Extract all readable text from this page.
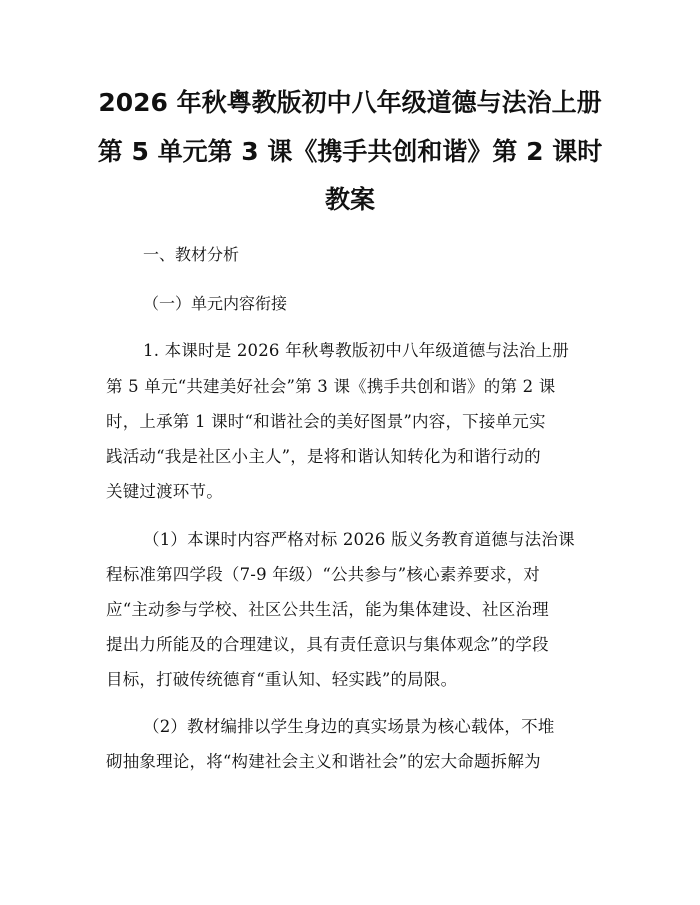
2026 年秋粤教版初中八年级道德与法治上册
第 5 单元第 3 课《携手共创和谐》第 2 课时
教案
一、教材分析
（一）单元内容衔接
1. 本课时是 2026 年秋粤教版初中八年级道德与法治上册
第 5 单元“共建美好社会”第 3 课《携手共创和谐》的第 2 课
时，上承第 1 课时“和谐社会的美好图景”内容，下接单元实
践活动“我是社区小主人”，是将和谐认知转化为和谐行动的
关键过渡环节。
（1）本课时内容严格对标 2026 版义务教育道德与法治课
程标准第四学段（7-9 年级）“公共参与”核心素养要求，对
应“主动参与学校、社区公共生活，能为集体建设、社区治理
提出力所能及的合理建议，具有责任意识与集体观念”的学段
目标，打破传统德育“重认知、轻实践”的局限。
（2）教材编排以学生身边的真实场景为核心载体，不堆
砌抽象理论，将“构建社会主义和谐社会”的宏大命题拆解为
